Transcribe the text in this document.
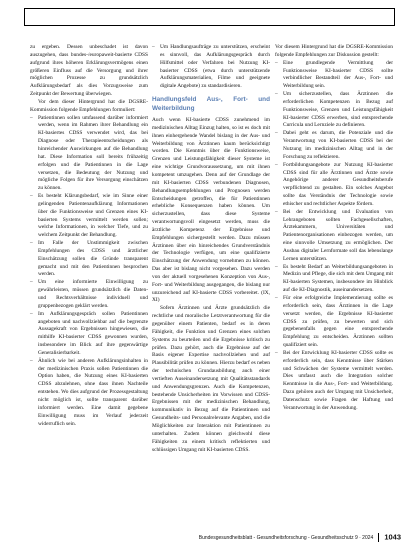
zu ergeben. Dessen unbeschadet ist davon auszugehen, dass bundes-/europaweit-basierte CDSS aufgrund ihres höheren Erklärungsvermögens einen größeren Einfluss auf die Versorgung und ihrer möglichen Prozesse zu grundsätzlich Aufklärungsbedarf als dies Vorzugsweise zum Zeitpunkt der Bewertung überwiegen.

Vor dem dieser Hintergrund hat die DGSRE-Kommission folgende Empfehlungen formuliert:

– Patientinnen sollen umfassend darüber informiert werden, wenn im Rahmen ihrer Behandlung ein KI-basiertes CDSS verwendet wird, das bei Diagnose oder Therapieentscheidungen als hinreichender Auswirkungen auf die Behandlung hat. Diese Information soll bereits frühzeitig erfolgen und die Patientinnen in die Lage versetzen, die Bedeutung der Nutzung und mögliche Folgen für ihre Versorgung einschätzen zu können.
– Es besteht Klärungsbedarf, wie im Sinne einer gelingenden Patientenaufklärung Informationen über die Funktionsweise und Grenzen eines KI-basierten Systems vermittelt werden sollen; welche Informationen, in welcher Tiefe, und zu welchem Zeitpunkt der Behandlung.
– Im Falle der Unstimmigkeit zwischen Empfehlungen des CDSS und ärztlicher Einschätzung sollen die Gründe transparent gemacht und mit den Patientinnen besprochen werden.
– Um eine informierte Einwilligung zu gewährleisten, müssen grundsätzlich die Daten- und Rechtsverhältnisse individuell und gruppenbezogen geklärt werden.
– Im Aufklärungsgespräch sollen Patientinnen angeboten und nachvollziehbar auf die begrenzte Aussagekraft von Ergebnissen hingewiesen, die mithilfe KI-basierter CDSS gewonnen wurden, insbesondere im Blick auf ihre gegenwärtige Generalisierbarkeit.
– Ähnlich wie bei anderen Aufklärungsinhalten in der medizinischen Praxis sollen Patientinnen die Option haben, die Nutzung eines KI-basierten CDSS abzulehnen, ohne dass ihnen Nachteile entstehen. Wo dies aufgrund der Prozessgestaltung nicht möglich ist, sollte transparent darüber informiert werden. Eine damit gegebene Einwilligung muss im Verlauf jederzeit widerruflich sein.
– Um Handlungsaufträge zu unterstützen, erscheint es sinnvoll, das Aufklärungsgespräch durch Hilfsmittel oder Verfahren bei Nutzung KI-basierter CDSS (etwa durch unterstützende Aufklärungsmaterialien, Filme und geeignete digitale Angebote) zu standardisieren.
Handlungsfeld Aus-, Fort- und Weiterbildung

Auch wenn KI-basierte CDSS zunehmend im medizinischen Alltag Einzug halten, so ist es doch mit ihnen einhergehende Wandel bislang in der Aus- und Weiterbildung von Ärztinnen kaum berücksichtigt worden. Die Kenntnis über die Funktionsweise, Grenzen und Leistungsfähigkeit dieser Systeme ist eine wichtige Grundvoraussetzung, um mit ihnen kompetent umzugehen. Denn auf der Grundlage der mit KI-basierten CDSS verbundenen Diagnosen, Behandlungsempfehlungen und Prognosen werden Entscheidungen getroffen, die für Patientinnen erhebliche Konsequenzen haben können. Um sicherzustellen, dass diese Systeme verantwortungsvoll eingesetzt werden, muss die ärztliche Kompetenz der Ergebnisse und Empfehlungen sichergestellt werden. Dazu müssen Ärztinnen über ein hinreichendes Grundverständnis der Technologie verfügen, um eine qualifizierte Einschätzung der Anwendung vornehmen zu können. Das aber ist bislang nicht vorgesehen. Dazu werden von der aktuell vorgesehenen Konzeption von Aus-, Fort- und Weiterbildung ausgegangen, die bislang nur unzureichend auf KI-basierte CDSS vorbereitet. (IX, XI)

Sofern Ärztinnen und Ärzte grundsätzlich die rechtliche und moralische Letztverantwortung für die gegenüber einem Patienten, bedarf es in deren Fähigkeit, die Funktion und Grenzen eines solchen Systems zu beurteilen und die Ergebnisse kritisch zu prüfen. Dazu gehört, auch die Ergebnisse auf der Basis eigener Expertise nachvollziehen und auf Plausibilität prüfen zu können. Hierzu bedarf es neben der technischen Grundausbildung auch einer vertieften Auseinandersetzung mit Qualitätsstandards und Anwendungsgrenzen. Auch die Kompetenzen, bestehende Unsicherheiten im Vorwissen und CDSS-Ergebnissen mit der medizinischen Behandlung, kommunikativ in Bezug auf die Patientinnen und Gesundheits- und Personalrelevante Angaben, und die Möglichkeiten zur Interaktion mit Patientinnen zu unterhalten. Zudem können gleichwohl diese Fähigkeiten zu einem kritisch reflektierten und schlüssigen Umgang mit KI-basierten CDSS.

Vor diesem Hintergrund hat die DGSRE-Kommission folgende Empfehlungen zur Diskussion gestellt:

– Eine grundlegende Vermittlung der Funktionsweise KI-basierter CDSS sollte verbindlicher Bestandteil der Aus-, Fort- und Weiterbildung sein.
– Um sicherzustellen, dass Ärztinnen die erforderlichen Kompetenzen in Bezug auf Funktionsweise, Grenzen und Leistungsfähigkeit KI-basierter CDSS erwerben, sind entsprechende Curricula und Lernziele zu definieren.
– Dabei geht es darum, die Potenziale und die Verantwortung von KI-basierten CDSS bei der Nutzung im medizinischen Alltag und in der Forschung zu reflektieren.
– Fortbildungsangebote zur Nutzung KI-basierter CDSS sind für alle Ärztinnen und Ärzte sowie Angehörige anderer Gesundheitsberufe verpflichtend zu gestalten. Ein solches Angebot sollte das Verständnis der Technologie sowie ethischer und rechtlicher Aspekte fördern.
– Bei der Entwicklung und Evaluation von Lehrangeboten sollten Fachgesellschaften, Ärztekammern, Universitäten und Patientenorganisationen einbezogen werden, um eine sinnvolle Umsetzung zu ermöglichen. Der Ausbau digitaler Lernformate soll das lebenslange Lernen unterstützen.
– Es besteht Bedarf an Weiterbildungsangeboten in Medizin und Pflege, die sich mit dem Umgang mit KI-basierten Systemen, insbesondere im Hinblick auf die KI-Diagnostik, auseinandersetzen.
– Für eine erfolgreiche Implementierung sollte es erforderlich sein, dass Ärztinnen in die Lage versetzt werden, die Ergebnisse KI-basierter CDSS zu prüfen, zu bewerten und sich gegebenenfalls gegen eine entsprechende Empfehlung zu entscheiden. Ärztinnen sollten qualifiziert sein.
– Bei der Entwicklung KI-basierter CDSS sollte es erforderlich sein, dass Kenntnisse über Stärken und Schwächen der Systeme vermittelt werden. Dies umfasst auch die Integration solcher Kenntnisse in die Aus-, Fort- und Weiterbildung. Dazu gehören auch der Umgang mit Unsicherheit, Datenschutz sowie Fragen der Haftung und Verantwortung in der Anwendung.
Bundesgesundheitsblatt - Gesundheitsforschung - Gesundheitsschutz 9 · 2024 1043
